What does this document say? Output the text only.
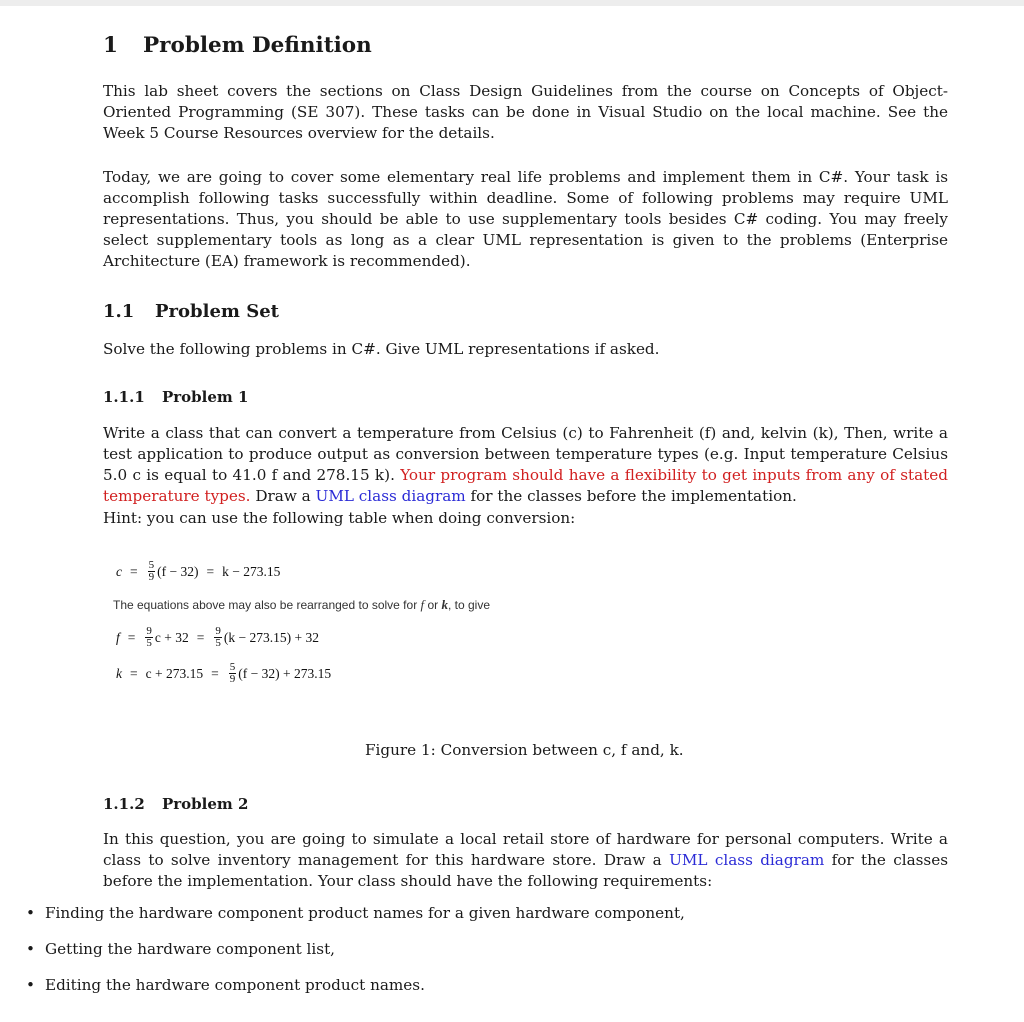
1 Problem Definition

This lab sheet covers the sections on Class Design Guidelines from the course on Concepts of Object-Oriented Programming (SE 307). These tasks can be done in Visual Studio on the local machine. See the Week 5 Course Resources overview for the details.

Today, we are going to cover some elementary real life problems and implement them in C#. Your task is accomplish following tasks successfully within deadline. Some of following problems may require UML representations. Thus, you should be able to use supplementary tools besides C# coding. You may freely select supplementary tools as long as a clear UML representation is given to the problems (Enterprise Architecture (EA) framework is recommended).

1.1 Problem Set

Solve the following problems in C#. Give UML representations if asked.

1.1.1 Problem 1

Write a class that can convert a temperature from Celsius (c) to Fahrenheit (f) and, kelvin (k), Then, write a test application to produce output as conversion between temperature types (e.g. Input temperature Celsius 5.0 c is equal to 41.0 f and 278.15 k). Your program should have a flexibility to get inputs from any of stated temperature types. Draw a UML class diagram for the classes before the implementation.

Hint: you can use the following table when doing conversion:

1.1.2 Problem 2

In this question, you are going to simulate a local retail store of hardware for personal computers. Write a class to solve inventory management for this hardware store. Draw a UML class diagram for the classes before the implementation. Your class should have the following requirements:

$c = \frac{5}{9} (f - 32) = k - 273.15$
The equations above may also be rearranged to solve for f or k, to give
$f = \frac{9}{5}$ $c + 32 = \frac{9}{5} (k - 273.15) + 32$
$k = c + 273.15 = \frac{5}{9} (f - 32) + 273.15$
Figure 1: Conversion between c, f and, k.
• Finding the hardware component product names for a given hardware component,
• Getting the hardware component list,
• Editing the hardware component product names.
